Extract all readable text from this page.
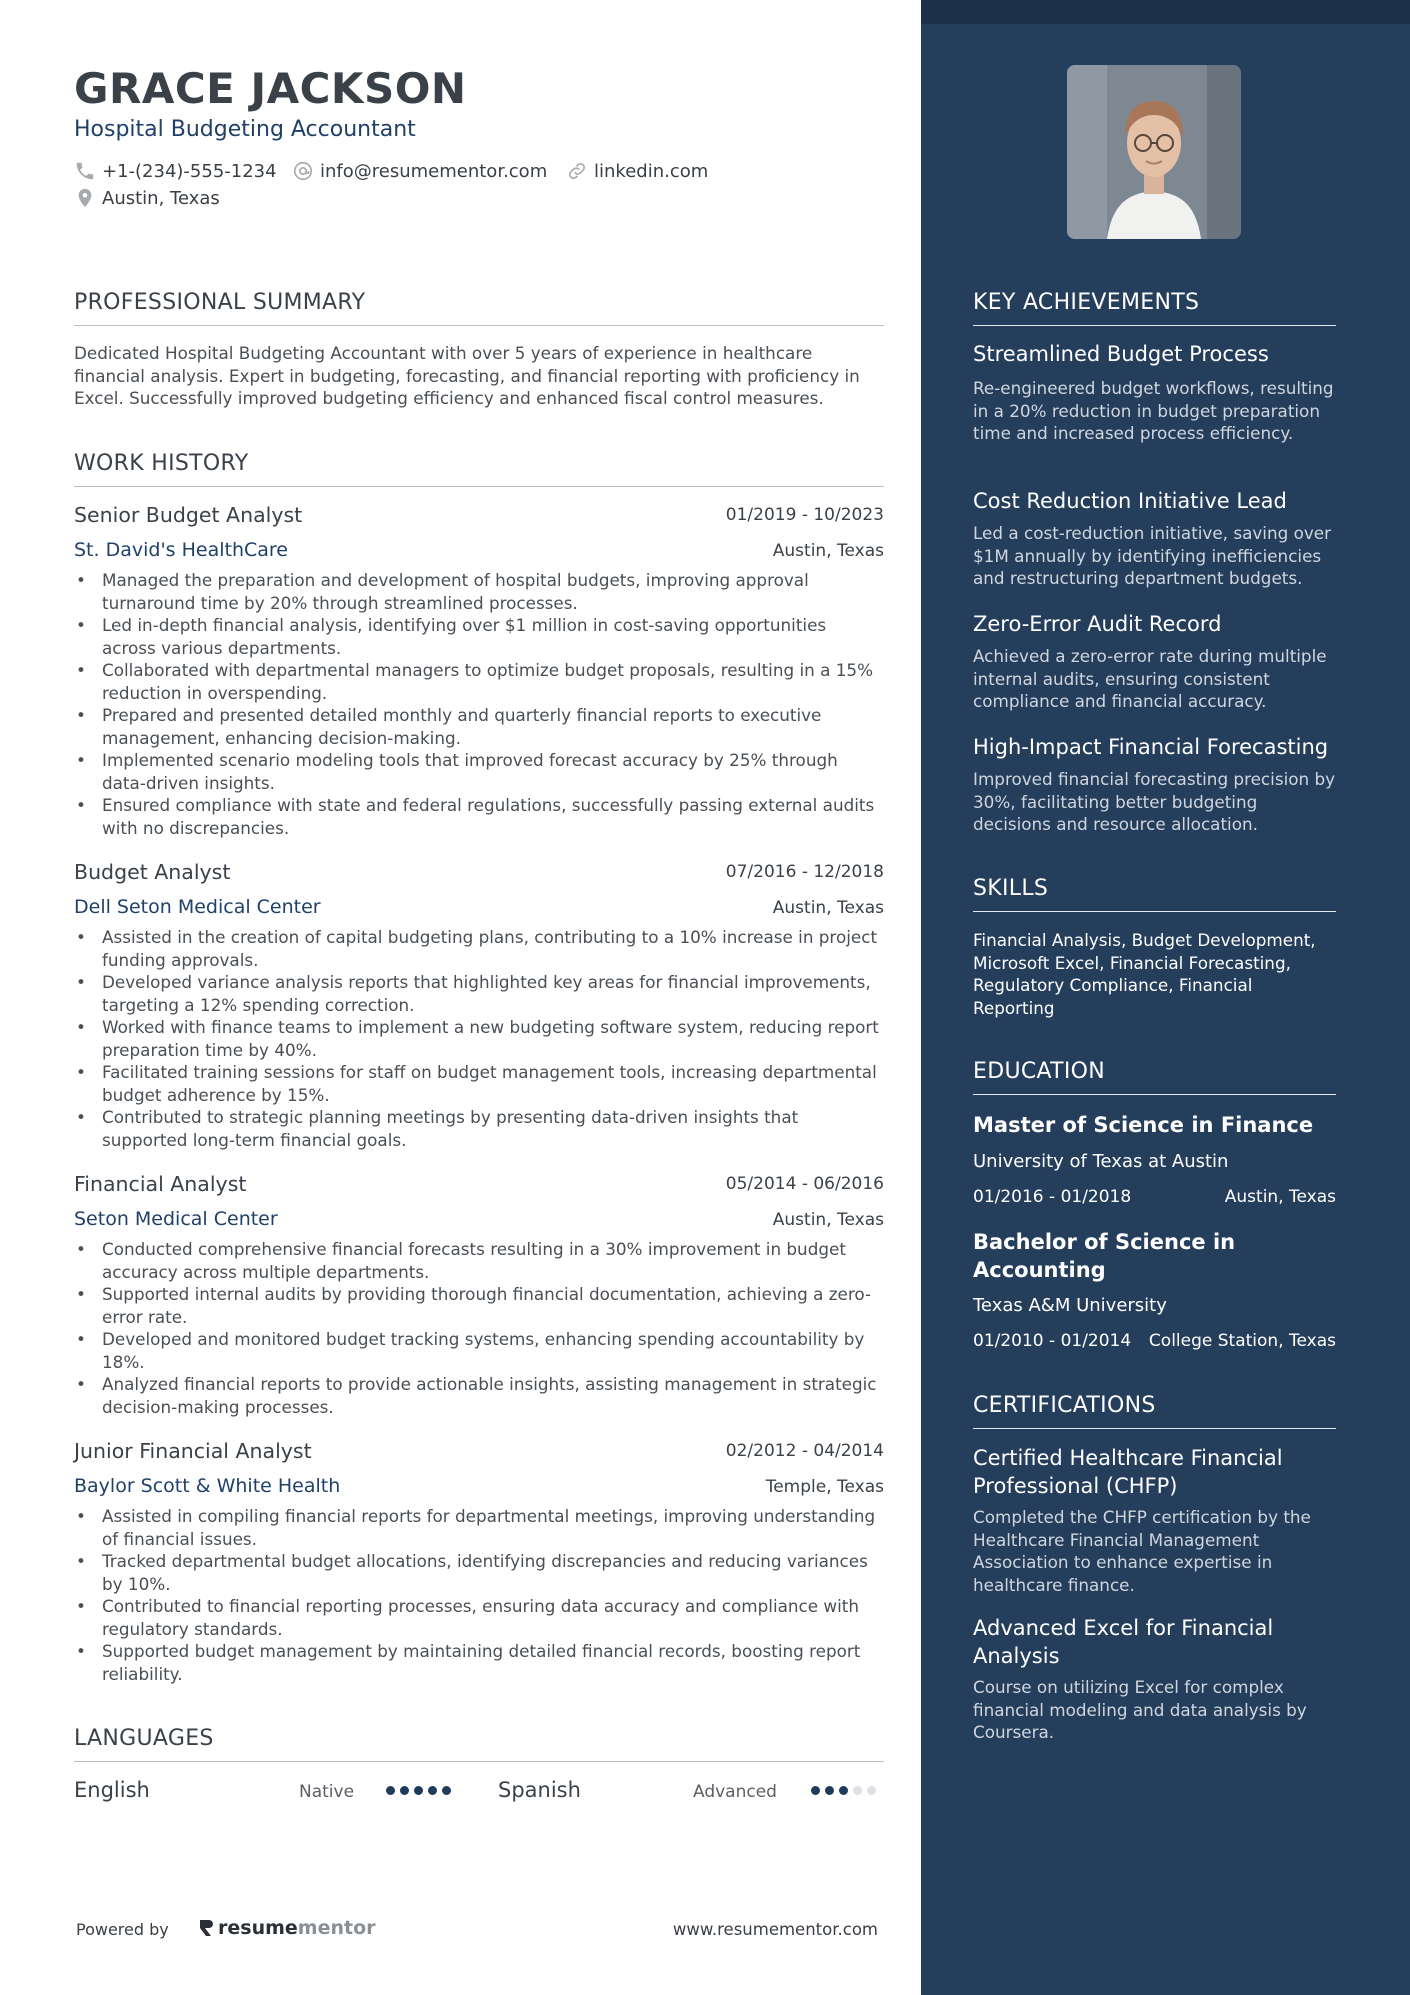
GRACE JACKSON
Hospital Budgeting Accountant
+1-(234)-555-1234 info@resumementor.com	linkedin.com
Austin, Texas
PROFESSIONAL SUMMARY
Dedicated Hospital Budgeting Accountant with over 5 years of experience in healthcare financial analysis. Expert in budgeting, forecasting, and financial reporting with proficiency in Excel. Successfully improved budgeting efficiency and enhanced fiscal control measures.
WORK HISTORY
Senior Budget Analyst	01/2019 - 10/2023
St. David's HealthCare	Austin, Texas
• Managed the preparation and development of hospital budgets, improving approval turnaround time by 20% through streamlined processes.
• Led in-depth financial analysis, identifying over $1 million in cost-saving opportunities across various departments.
• Collaborated with departmental managers to optimize budget proposals, resulting in a 15% reduction in overspending.
• Prepared and presented detailed monthly and quarterly financial reports to executive management, enhancing decision-making.
• Implemented scenario modeling tools that improved forecast accuracy by 25% through data-driven insights.
• Ensured compliance with state and federal regulations, successfully passing external audits with no discrepancies.
Budget Analyst	07/2016 - 12/2018
Dell Seton Medical Center	Austin, Texas
• Assisted in the creation of capital budgeting plans, contributing to a 10% increase in project funding approvals.
• Developed variance analysis reports that highlighted key areas for financial improvements, targeting a 12% spending correction.
• Worked with finance teams to implement a new budgeting software system, reducing report preparation time by 40%.
• Facilitated training sessions for staff on budget management tools, increasing departmental budget adherence by 15%.
• Contributed to strategic planning meetings by presenting data-driven insights that supported long-term financial goals.
Financial Analyst	05/2014 - 06/2016
Seton Medical Center	Austin, Texas
• Conducted comprehensive financial forecasts resulting in a 30% improvement in budget accuracy across multiple departments.
• Supported internal audits by providing thorough financial documentation, achieving a zero-error rate.
• Developed and monitored budget tracking systems, enhancing spending accountability by 18%.
• Analyzed financial reports to provide actionable insights, assisting management in strategic decision-making processes.
Junior Financial Analyst	02/2012 - 04/2014
Baylor Scott & White Health	Temple, Texas
• Assisted in compiling financial reports for departmental meetings, improving understanding of financial issues.
• Tracked departmental budget allocations, identifying discrepancies and reducing variances by 10%.
• Contributed to financial reporting processes, ensuring data accuracy and compliance with regulatory standards.
• Supported budget management by maintaining detailed financial records, boosting report reliability.
LANGUAGES
English	Native	Spanish	Advanced
Powered by	resume mentor	www.resumementor.com
KEY ACHIEVEMENTS
Streamlined Budget Process
Re-engineered budget workflows, resulting in a 20% reduction in budget preparation time and increased process efficiency.
Cost Reduction Initiative Lead
Led a cost-reduction initiative, saving over $1M annually by identifying inefficiencies and restructuring department budgets.
Zero-Error Audit Record
Achieved a zero-error rate during multiple internal audits, ensuring consistent compliance and financial accuracy.
High-Impact Financial Forecasting
Improved financial forecasting precision by 30%, facilitating better budgeting decisions and resource allocation.
SKILLS
Financial Analysis, Budget Development, Microsoft Excel, Financial Forecasting, Regulatory Compliance, Financial Reporting
EDUCATION
Master of Science in Finance
University of Texas at Austin
01/2016 - 01/2018	Austin, Texas
Bachelor of Science in Accounting
Texas A&M University
01/2010 - 01/2014 College Station, Texas
CERTIFICATIONS
Certified Healthcare Financial Professional (CHFP)
Completed the CHFP certification by the Healthcare Financial Management Association to enhance expertise in healthcare finance.
Advanced Excel for Financial Analysis
Course on utilizing Excel for complex financial modeling and data analysis by Coursera.
